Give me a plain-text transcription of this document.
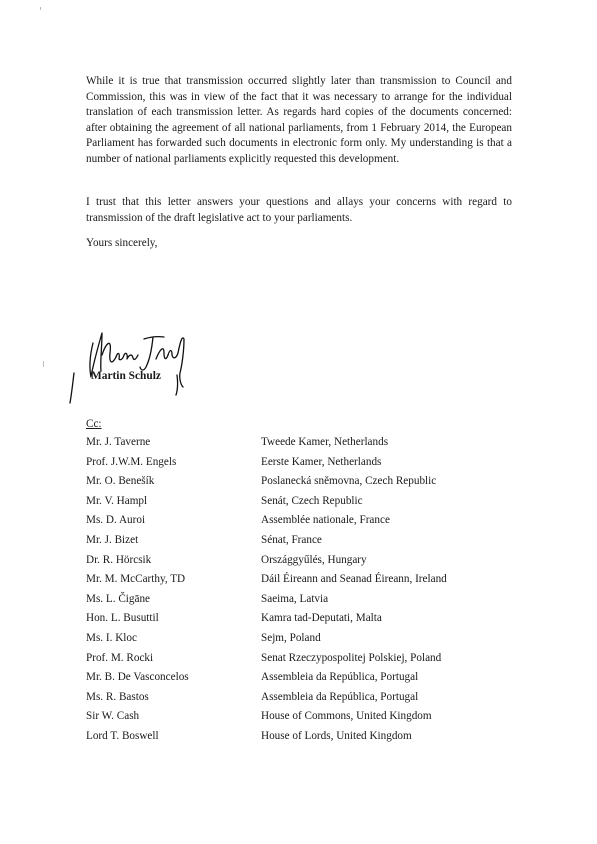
While it is true that transmission occurred slightly later than transmission to Council and Commission, this was in view of the fact that it was necessary to arrange for the individual translation of each transmission letter. As regards hard copies of the documents concerned: after obtaining the agreement of all national parliaments, from 1 February 2014, the European Parliament has forwarded such documents in electronic form only. My understanding is that a number of national parliaments explicitly requested this development.

I trust that this letter answers your questions and allays your concerns with regard to transmission of the draft legislative act to your parliaments.

Yours sincerely,

Martin Schulz
Cc:
Mr. J. Taverne	Tweede Kamer, Netherlands
Prof. J.W.M. Engels	Eerste Kamer, Netherlands
Mr. O. Benešík	Poslanecká sněmovna, Czech Republic
Mr. V. Hampl	Senát, Czech Republic
Ms. D. Auroi	Assemblée nationale, France
Mr. J. Bizet	Sénat, France
Dr. R. Hörcsik	Országgyűlés, Hungary
Mr. M. McCarthy, TD	Dáil Éireann and Seanad Éireann, Ireland
Ms. L. Čigāne	Saeima, Latvia
Hon. L. Busuttil	Kamra tad-Deputati, Malta
Ms. I. Kloc	Sejm, Poland
Prof. M. Rocki	Senat Rzeczypospolitej Polskiej, Poland
Mr. B. De Vasconcelos	Assembleia da República, Portugal
Ms. R. Bastos	Assembleia da República, Portugal
Sir W. Cash	House of Commons, United Kingdom
Lord T. Boswell	House of Lords, United Kingdom
